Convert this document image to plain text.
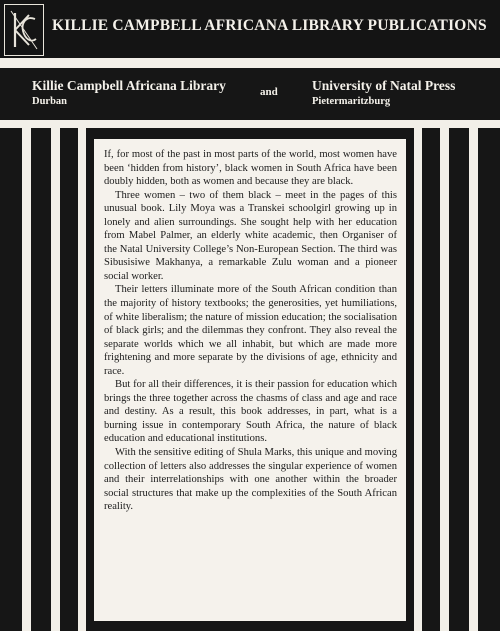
KILLIE CAMPBELL AFRICANA LIBRARY PUBLICATIONS
Killie Campbell Africana Library
Durban
and	University of Natal Press
Pietermaritzburg

If, for most of the past in most parts of the world, most women have been ‘hidden from history’, black women in South Africa have been doubly hidden, both as women and because they are black.

Three women – two of them black – meet in the pages of this unusual book. Lily Moya was a Transkei schoolgirl growing up in lonely and alien surroundings. She sought help with her education from Mabel Palmer, an elderly white academic, then Organiser of the Natal University College’s Non-European Section. The third was Sibusisiwe Makhanya, a remarkable Zulu woman and a pioneer social worker.

Their letters illuminate more of the South African condition than the majority of history textbooks; the generosities, yet humiliations, of white liberalism; the nature of mission education; the socialisation of black girls; and the dilemmas they confront. They also reveal the separate worlds which we all inhabit, but which are made more frightening and more separate by the divisions of age, ethnicity and race.

But for all their differences, it is their passion for education which brings the three together across the chasms of class and age and race and destiny. As a result, this book addresses, in part, what is a burning issue in contemporary South Africa, the nature of black education and educational institutions.

With the sensitive editing of Shula Marks, this unique and moving collection of letters also addresses the singular experience of women and their interrelationships with one another within the broader social structures that make up the complexities of the South African reality.
